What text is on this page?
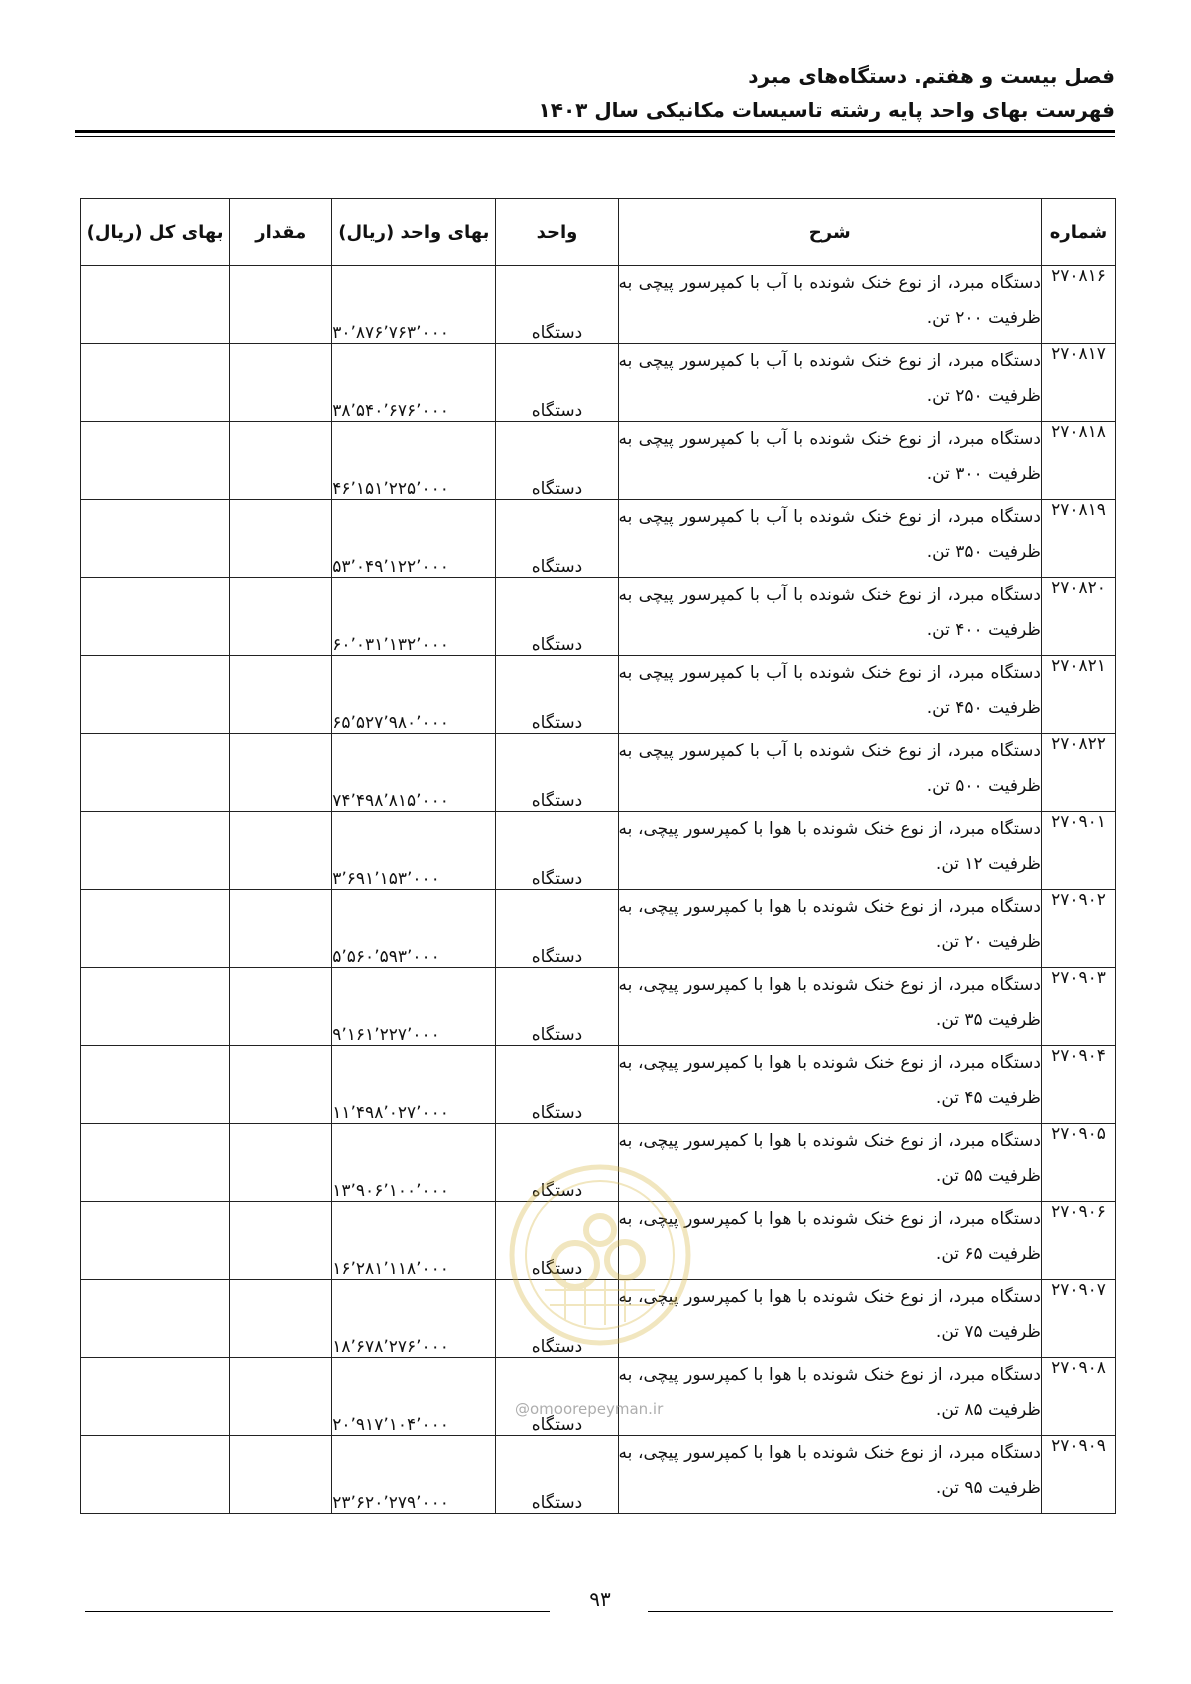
فصل بیست و هفتم. دستگاه‌های مبرد
فهرست بهای واحد پایه رشته تاسیسات مکانیکی سال ۱۴۰۳
شماره	شرح	واحد	بهای واحد (ریال)	مقدار	بهای کل (ریال)
۲۷۰۸۱۶	دستگاه مبرد، از نوع خنک شونده با آب با کمپرسور پیچی به ظرفیت ۲۰۰ تن.	دستگاه	۳۰٬۸۷۶٬۷۶۳٬۰۰۰		
۲۷۰۸۱۷	دستگاه مبرد، از نوع خنک شونده با آب با کمپرسور پیچی به ظرفیت ۲۵۰ تن.	دستگاه	۳۸٬۵۴۰٬۶۷۶٬۰۰۰		
۲۷۰۸۱۸	دستگاه مبرد، از نوع خنک شونده با آب با کمپرسور پیچی به ظرفیت ۳۰۰ تن.	دستگاه	۴۶٬۱۵۱٬۲۲۵٬۰۰۰		
۲۷۰۸۱۹	دستگاه مبرد، از نوع خنک شونده با آب با کمپرسور پیچی به ظرفیت ۳۵۰ تن.	دستگاه	۵۳٬۰۴۹٬۱۲۲٬۰۰۰		
۲۷۰۸۲۰	دستگاه مبرد، از نوع خنک شونده با آب با کمپرسور پیچی به ظرفیت ۴۰۰ تن.	دستگاه	۶۰٬۰۳۱٬۱۳۲٬۰۰۰		
۲۷۰۸۲۱	دستگاه مبرد، از نوع خنک شونده با آب با کمپرسور پیچی به ظرفیت ۴۵۰ تن.	دستگاه	۶۵٬۵۲۷٬۹۸۰٬۰۰۰		
۲۷۰۸۲۲	دستگاه مبرد، از نوع خنک شونده با آب با کمپرسور پیچی به ظرفیت ۵۰۰ تن.	دستگاه	۷۴٬۴۹۸٬۸۱۵٬۰۰۰		
۲۷۰۹۰۱	دستگاه مبرد، از نوع خنک شونده با هوا با کمپرسور پیچی، به ظرفیت ۱۲ تن.	دستگاه	۳٬۶۹۱٬۱۵۳٬۰۰۰		
۲۷۰۹۰۲	دستگاه مبرد، از نوع خنک شونده با هوا با کمپرسور پیچی، به ظرفیت ۲۰ تن.	دستگاه	۵٬۵۶۰٬۵۹۳٬۰۰۰		
۲۷۰۹۰۳	دستگاه مبرد، از نوع خنک شونده با هوا با کمپرسور پیچی، به ظرفیت ۳۵ تن.	دستگاه	۹٬۱۶۱٬۲۲۷٬۰۰۰		
۲۷۰۹۰۴	دستگاه مبرد، از نوع خنک شونده با هوا با کمپرسور پیچی، به ظرفیت ۴۵ تن.	دستگاه	۱۱٬۴۹۸٬۰۲۷٬۰۰۰		
۲۷۰۹۰۵	دستگاه مبرد، از نوع خنک شونده با هوا با کمپرسور پیچی، به ظرفیت ۵۵ تن.	دستگاه	۱۳٬۹۰۶٬۱۰۰٬۰۰۰		
۲۷۰۹۰۶	دستگاه مبرد، از نوع خنک شونده با هوا با کمپرسور پیچی، به ظرفیت ۶۵ تن.	دستگاه	۱۶٬۲۸۱٬۱۱۸٬۰۰۰		
۲۷۰۹۰۷	دستگاه مبرد، از نوع خنک شونده با هوا با کمپرسور پیچی، به ظرفیت ۷۵ تن.	دستگاه	۱۸٬۶۷۸٬۲۷۶٬۰۰۰		
۲۷۰۹۰۸	دستگاه مبرد، از نوع خنک شونده با هوا با کمپرسور پیچی، به ظرفیت ۸۵ تن.	دستگاه	۲۰٬۹۱۷٬۱۰۴٬۰۰۰		
۲۷۰۹۰۹	دستگاه مبرد، از نوع خنک شونده با هوا با کمپرسور پیچی، به ظرفیت ۹۵ تن.	دستگاه	۲۳٬۶۲۰٬۲۷۹٬۰۰۰		
@omoorepeyman.ir
۹۳
